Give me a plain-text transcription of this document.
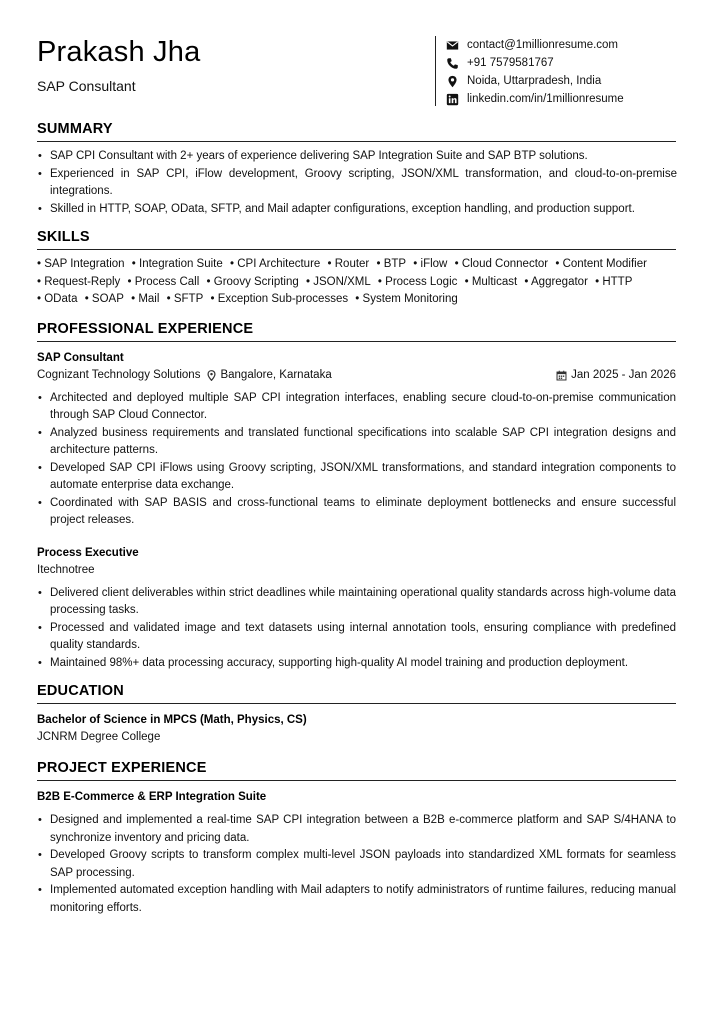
Prakash Jha
SAP Consultant
contact@1millionresume.com
+91 7579581767
Noida, Uttarpradesh, India
linkedin.com/in/1millionresume
SUMMARY
• SAP CPI Consultant with 2+ years of experience delivering SAP Integration Suite and SAP BTP solutions.
• Experienced in SAP CPI, iFlow development, Groovy scripting, JSON/XML transformation, and cloud-to-on-premise integrations.
• Skilled in HTTP, SOAP, OData, SFTP, and Mail adapter configurations, exception handling, and production support.
SKILLS
• SAP Integration • Integration Suite • CPI Architecture • Router • BTP • iFlow • Cloud Connector • Content Modifier
• Request-Reply • Process Call • Groovy Scripting • JSON/XML • Process Logic • Multicast • Aggregator • HTTP
• OData • SOAP • Mail • SFTP • Exception Sub-processes • System Monitoring
PROFESSIONAL EXPERIENCE
SAP Consultant
Cognizant Technology Solutions Bangalore, Karnataka	Jan 2025 - Jan 2026
• Architected and deployed multiple SAP CPI integration interfaces, enabling secure cloud-to-on-premise communication through SAP Cloud Connector.
• Analyzed business requirements and translated functional specifications into scalable SAP CPI integration designs and architecture patterns.
• Developed SAP CPI iFlows using Groovy scripting, JSON/XML transformations, and standard integration components to automate enterprise data exchange.
• Coordinated with SAP BASIS and cross-functional teams to eliminate deployment bottlenecks and ensure successful project releases.
Process Executive
Itechnotree
• Delivered client deliverables within strict deadlines while maintaining operational quality standards across high-volume data processing tasks.
• Processed and validated image and text datasets using internal annotation tools, ensuring compliance with predefined quality standards.
• Maintained 98%+ data processing accuracy, supporting high-quality AI model training and production deployment.
EDUCATION
Bachelor of Science in MPCS (Math, Physics, CS)
JCNRM Degree College
PROJECT EXPERIENCE
B2B E-Commerce & ERP Integration Suite
• Designed and implemented a real-time SAP CPI integration between a B2B e-commerce platform and SAP S/4HANA to synchronize inventory and pricing data.
• Developed Groovy scripts to transform complex multi-level JSON payloads into standardized XML formats for seamless SAP processing.
• Implemented automated exception handling with Mail adapters to notify administrators of runtime failures, reducing manual monitoring efforts.
